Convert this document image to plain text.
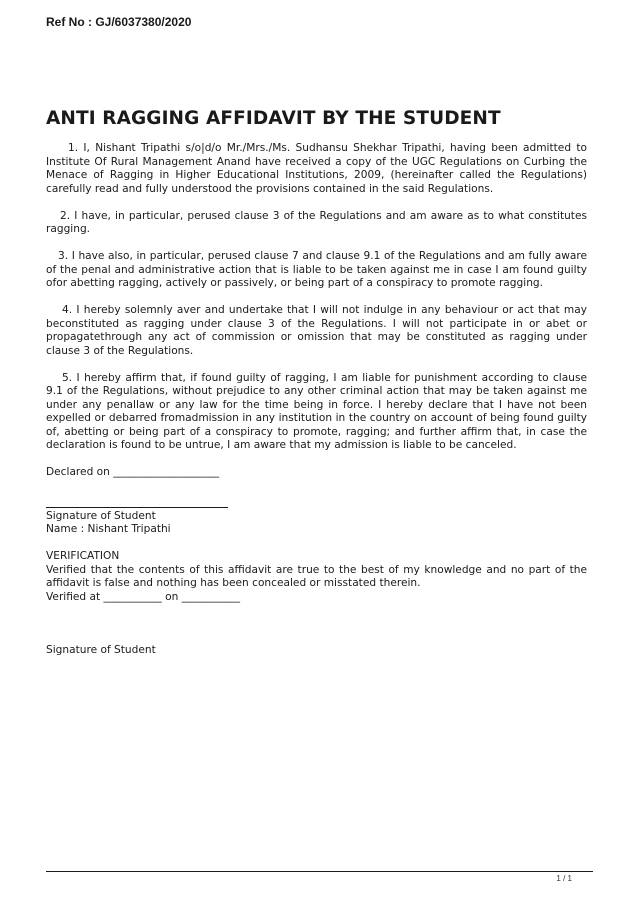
Ref No : GJ/6037380/2020
ANTI RAGGING AFFIDAVIT BY THE STUDENT

1. I, Nishant Tripathi s/o|d/o Mr./Mrs./Ms. Sudhansu Shekhar Tripathi, having been admitted to Institute Of Rural Management Anand have received a copy of the UGC Regulations on Curbing the Menace of Ragging in Higher Educational Institutions, 2009, (hereinafter called the Regulations) carefully read and fully understood the provisions contained in the said Regulations.

2. I have, in particular, perused clause 3 of the Regulations and am aware as to what constitutes ragging.

3. I have also, in particular, perused clause 7 and clause 9.1 of the Regulations and am fully aware of the penal and administrative action that is liable to be taken against me in case I am found guilty ofor abetting ragging, actively or passively, or being part of a conspiracy to promote ragging.

4. I hereby solemnly aver and undertake that I will not indulge in any behaviour or act that may beconstituted as ragging under clause 3 of the Regulations. I will not participate in or abet or propagatethrough any act of commission or omission that may be constituted as ragging under clause 3 of the Regulations.

5. I hereby affirm that, if found guilty of ragging, I am liable for punishment according to clause 9.1 of the Regulations, without prejudice to any other criminal action that may be taken against me under any penallaw or any law for the time being in force. I hereby declare that I have not been expelled or debarred fromadmission in any institution in the country on account of being found guilty of, abetting or being part of a conspiracy to promote, ragging; and further affirm that, in case the declaration is found to be untrue, I am aware that my admission is liable to be canceled.

Declared on ____________________

Signature of Student

Name : Nishant Tripathi

VERIFICATION

Verified that the contents of this affidavit are true to the best of my knowledge and no part of the affidavit is false and nothing has been concealed or misstated therein.

Verified at ___________ on ___________

Signature of Student

1 / 1
